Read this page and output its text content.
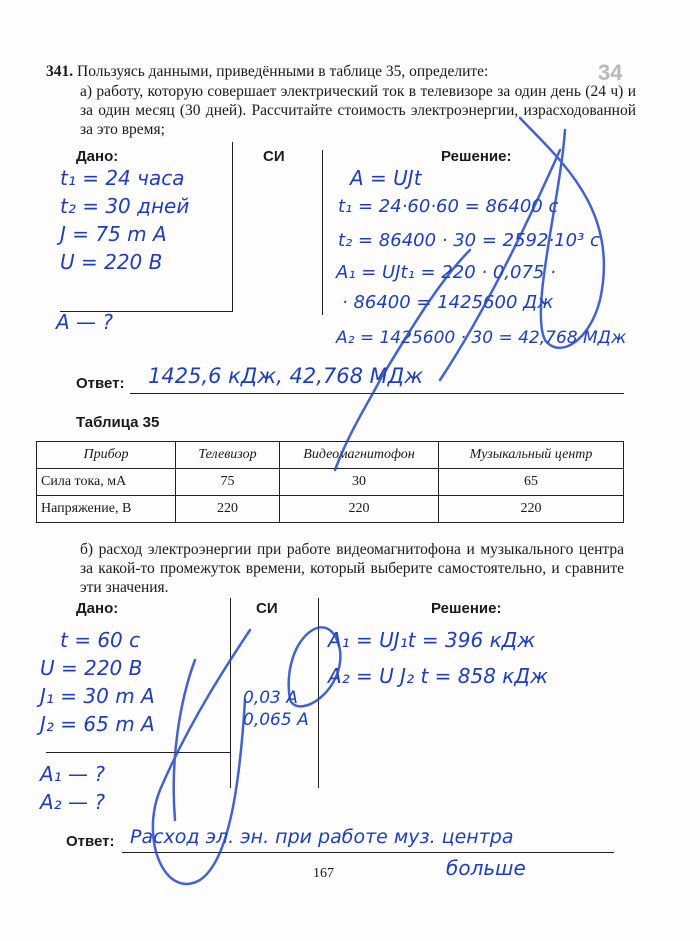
34
341. Пользуясь данными, приведёнными в таблице 35, определите:
а) работу, которую совершает электрический ток в телевизоре за один день (24 ч) и за один месяц (30 дней). Рассчитайте стоимость электроэнергии, израсходованной за это время;
Дано:	СИ	Решение:
t₁ = 24 часа
t₂ = 30 дней
J = 75 m A
U = 220 B
A — ?
A = UJt
t₁ = 24·60·60 = 86400 c
t₂ = 86400 · 30 = 2592·10³ c
A₁ = UJt₁ = 220 · 0,075 ·
· 86400 = 1425600 Дж
A₂ = 1425600 · 30 = 42,768 МДж
Ответ: 1425,6 кДж, 42,768 МДж
Таблица 35
Прибор	Телевизор	Видеомагнитофон	Музыкальный центр
Сила тока, мА	75	30	65
Напряжение, В	220	220	220
б) расход электроэнергии при работе видеомагнитофона и музыкального центра за какой-то промежуток времени, который выберите самостоятельно, и сравните эти значения.
Дано:	СИ	Решение:
t = 60 c
U = 220 B
J₁ = 30 m A
J₂ = 65 m A
A₁ — ?
A₂ — ?
0,03 A
0,065 A
A₁ = UJ₁t = 396 кДж
A₂ = U J₂ t = 858 кДж
Ответ: Расход эл. эн. при работе муз. центра
больше
167
